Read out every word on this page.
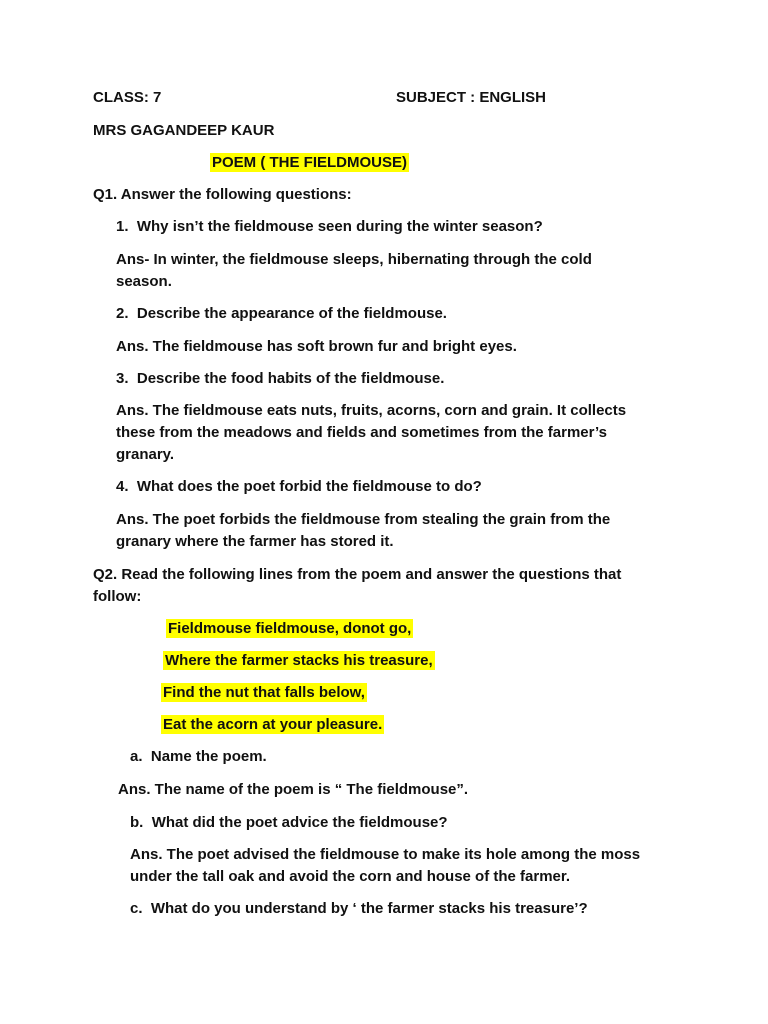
CLASS: 7	SUBJECT : ENGLISH
MRS GAGANDEEP KAUR
POEM ( THE FIELDMOUSE)
Q1. Answer the following questions:
1. Why isn’t the fieldmouse seen during the winter season?
Ans- In winter, the fieldmouse sleeps, hibernating through the cold
season.
2. Describe the appearance of the fieldmouse.
Ans. The fieldmouse has soft brown fur and bright eyes.
3. Describe the food habits of the fieldmouse.
Ans. The fieldmouse eats nuts, fruits, acorns, corn and grain. It collects
these from the meadows and fields and sometimes from the farmer’s
granary.
4. What does the poet forbid the fieldmouse to do?
Ans. The poet forbids the fieldmouse from stealing the grain from the
granary where the farmer has stored it.
Q2. Read the following lines from the poem and answer the questions that
follow:
Fieldmouse fieldmouse, donot go,
Where the farmer stacks his treasure,
Find the nut that falls below,
Eat the acorn at your pleasure.
a. Name the poem.
Ans. The name of the poem is “ The fieldmouse”.
b. What did the poet advice the fieldmouse?
Ans. The poet advised the fieldmouse to make its hole among the moss
under the tall oak and avoid the corn and house of the farmer.
c. What do you understand by ‘ the farmer stacks his treasure’?
